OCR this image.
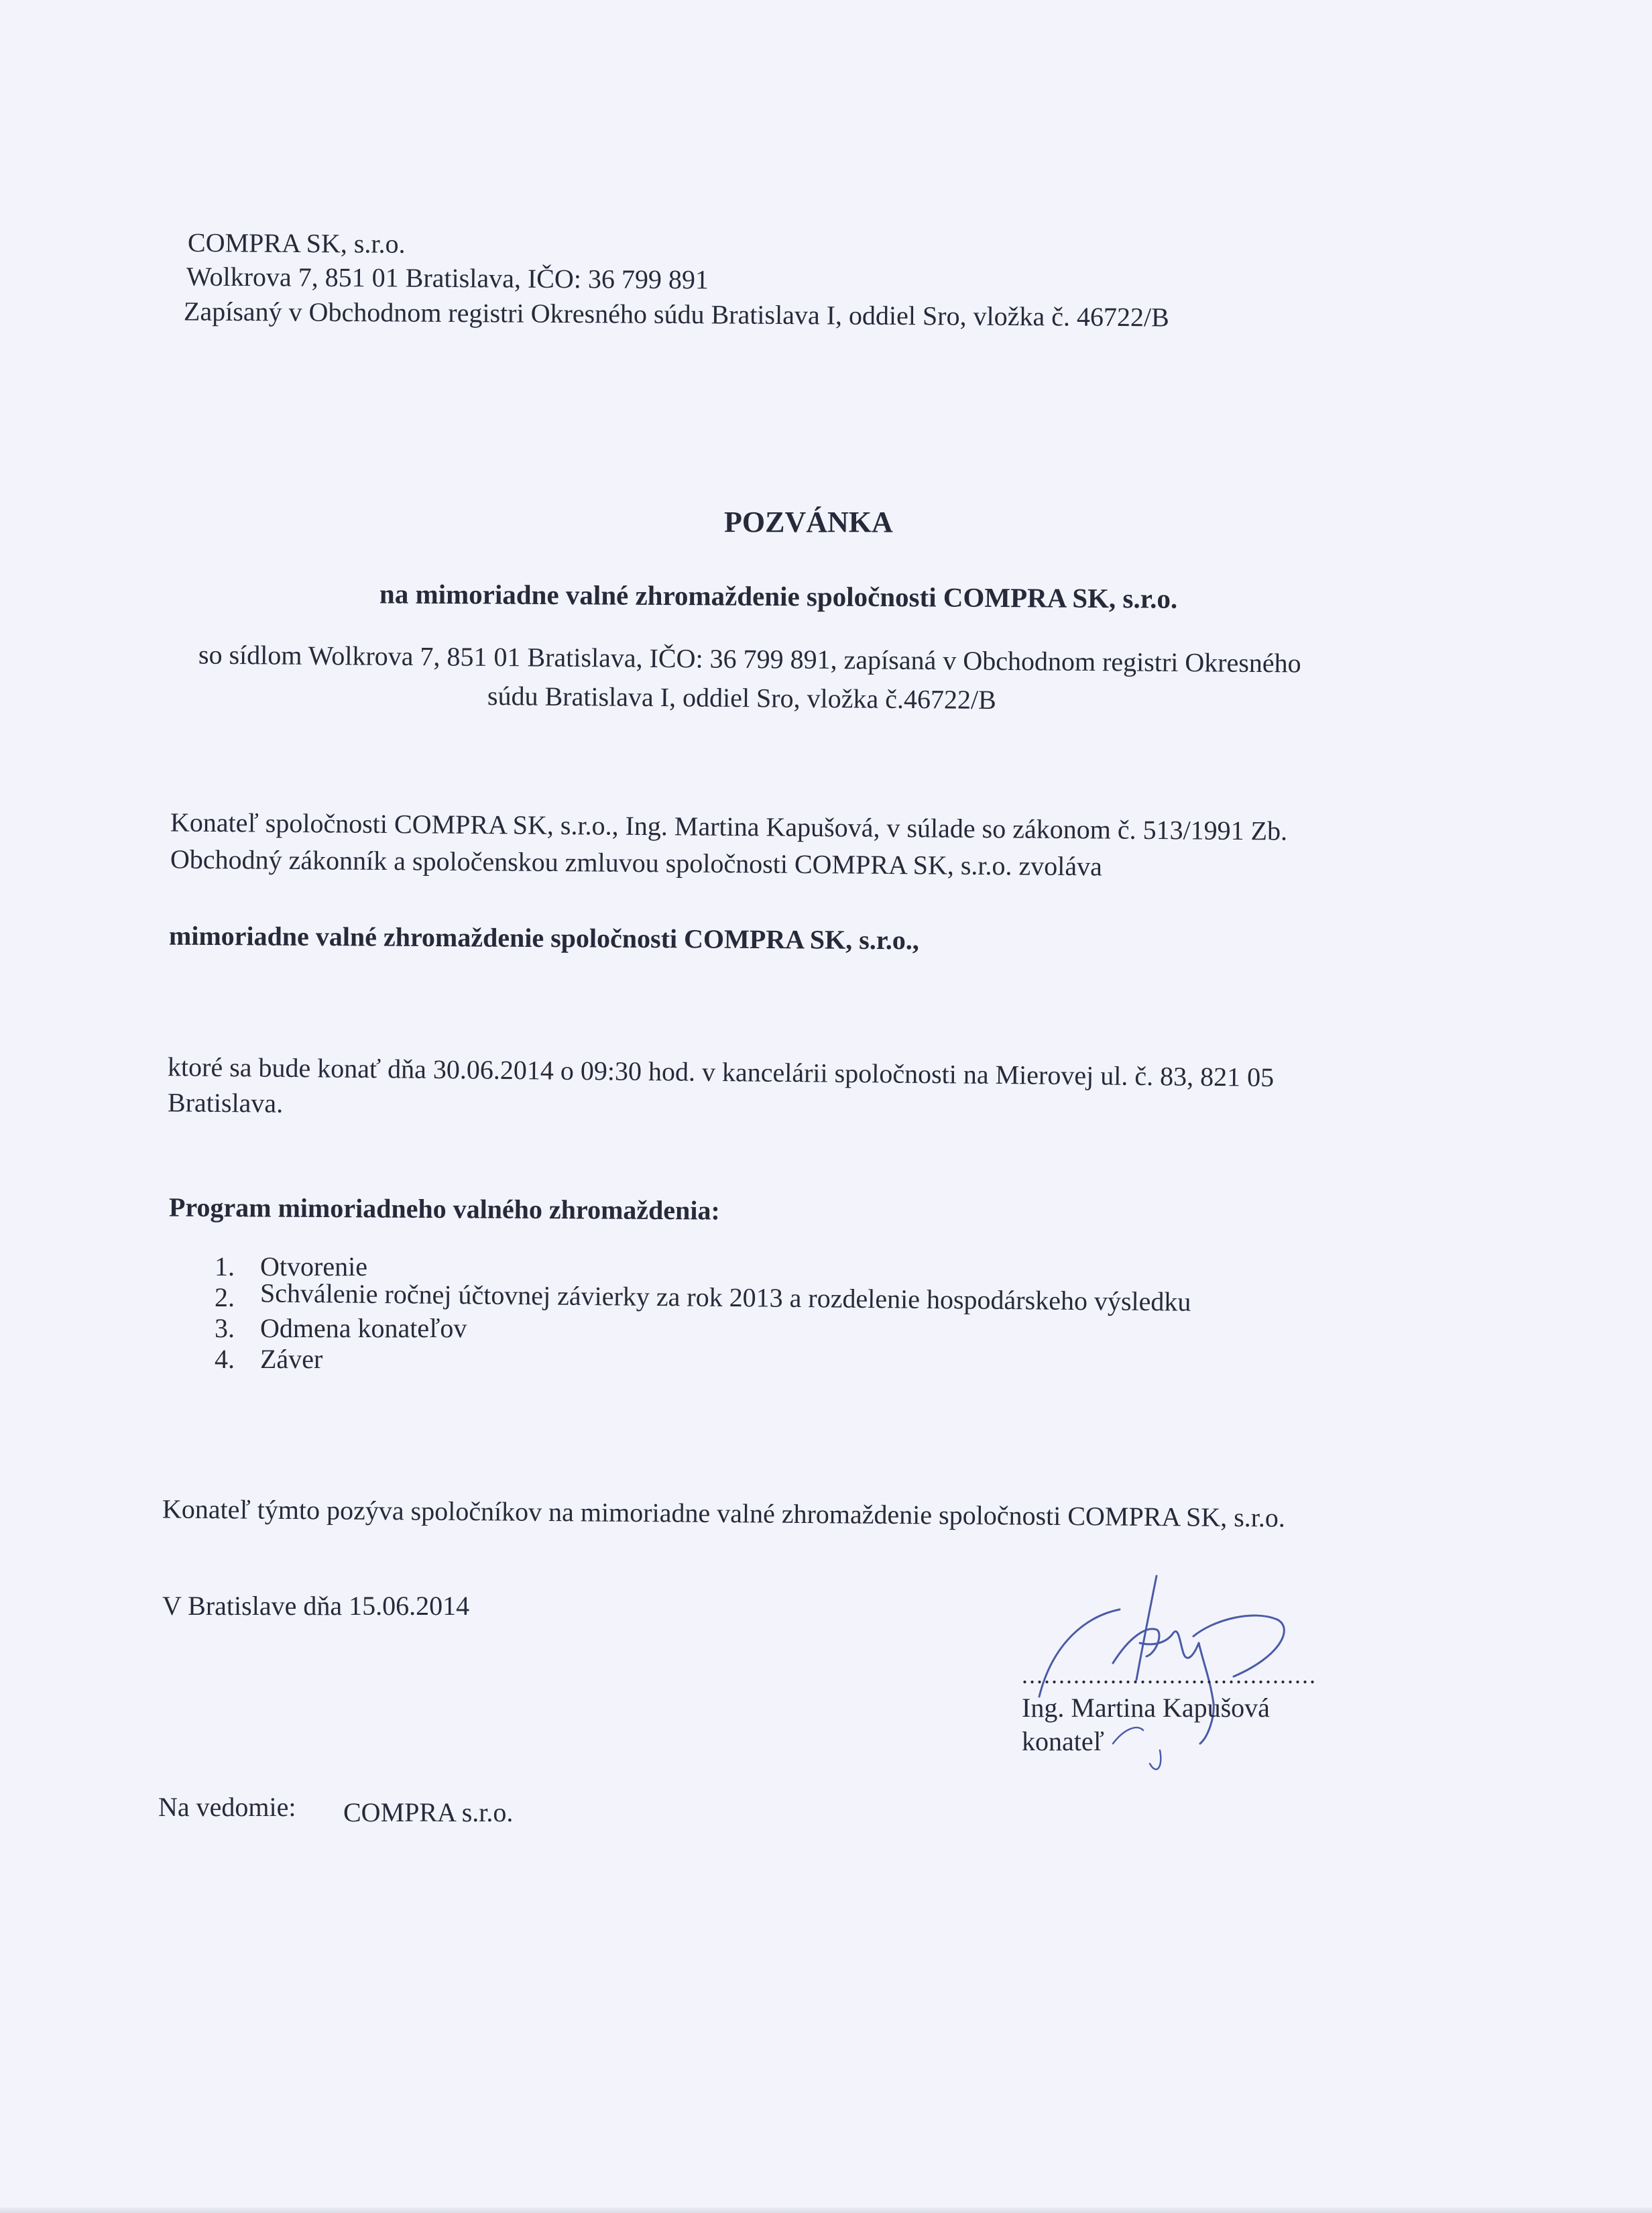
COMPRA SK, s.r.o.
Wolkrova 7, 851 01 Bratislava, IČO: 36 799 891
Zapísaný v Obchodnom registri Okresného súdu Bratislava I, oddiel Sro, vložka č. 46722/B
POZVÁNKA
na mimoriadne valné zhromaždenie spoločnosti COMPRA SK, s.r.o.
so sídlom Wolkrova 7, 851 01 Bratislava, IČO: 36 799 891, zapísaná v Obchodnom registri Okresného
súdu Bratislava I, oddiel Sro, vložka č.46722/B
Konateľ spoločnosti COMPRA SK, s.r.o., Ing. Martina Kapušová, v súlade so zákonom č. 513/1991 Zb.
Obchodný zákonník a spoločenskou zmluvou spoločnosti COMPRA SK, s.r.o. zvoláva
mimoriadne valné zhromaždenie spoločnosti COMPRA SK, s.r.o.,
ktoré sa bude konať dňa 30.06.2014 o 09:30 hod. v kancelárii spoločnosti na Mierovej ul. č. 83, 821 05
Bratislava.
Program mimoriadneho valného zhromaždenia:
1. Otvorenie
2. Schválenie ročnej účtovnej závierky za rok 2013 a rozdelenie hospodárskeho výsledku
3. Odmena konateľov
4. Záver
Konateľ týmto pozýva spoločníkov na mimoriadne valné zhromaždenie spoločnosti COMPRA SK, s.r.o.
V Bratislave dňa 15.06.2014
........................................
Ing. Martina Kapušová
konateľ
Na vedomie: COMPRA s.r.o.
